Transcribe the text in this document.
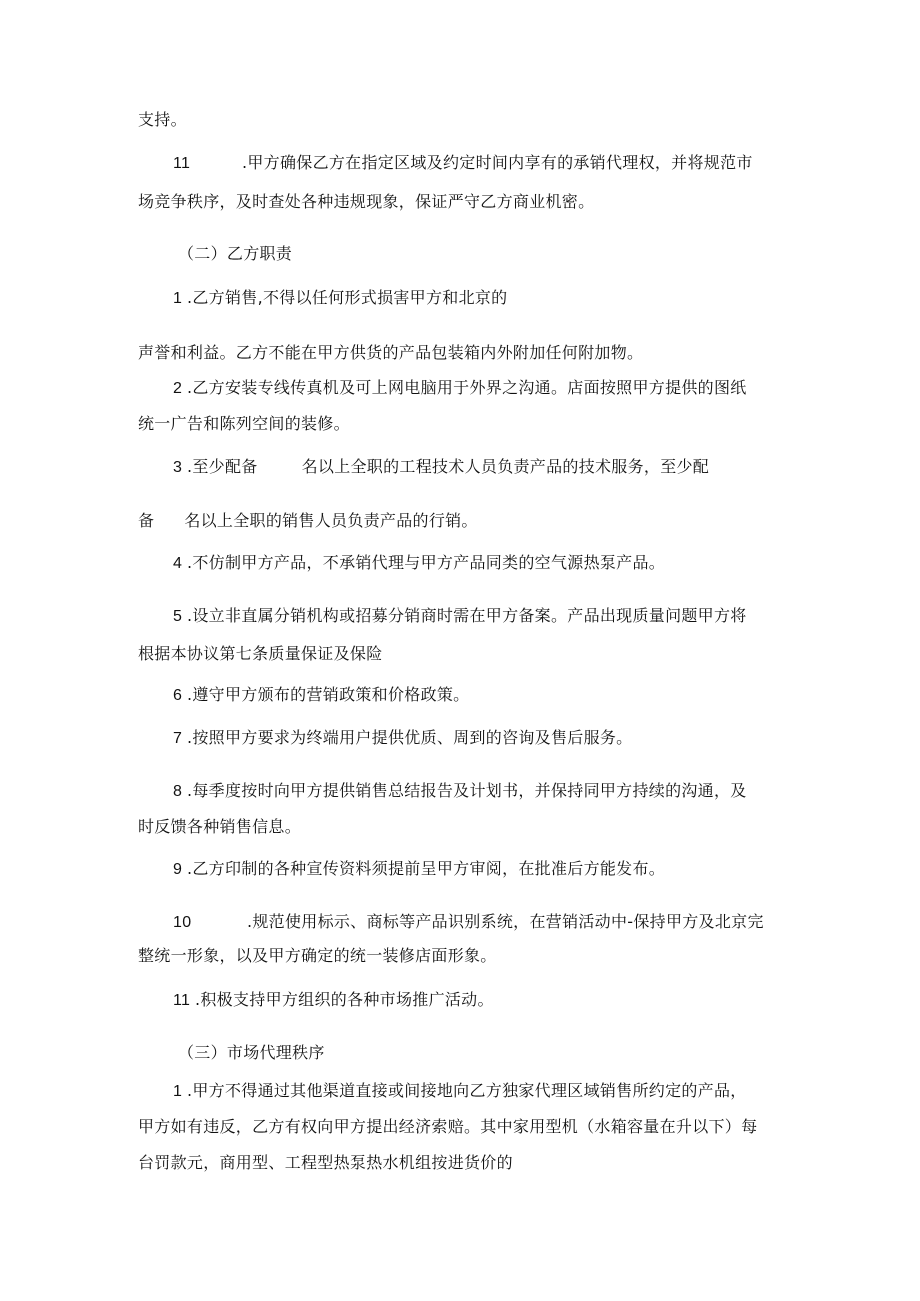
支持。
11	.甲方确保乙方在指定区域及约定时间内享有的承销代理权，并将规范市
场竞争秩序，及时查处各种违规现象，保证严守乙方商业机密。
（二）乙方职责
1 .乙方销售,不得以任何形式损害甲方和北京的
声誉和利益。乙方不能在甲方供货的产品包装箱内外附加任何附加物。
2 .乙方安装专线传真机及可上网电脑用于外界之沟通。店面按照甲方提供的图纸
统一广告和陈列空间的装修。
3 .至少配备	名以上全职的工程技术人员负责产品的技术服务，至少配
备 名以上全职的销售人员负责产品的行销。
4 .不仿制甲方产品，不承销代理与甲方产品同类的空气源热泵产品。
5 .设立非直属分销机构或招募分销商时需在甲方备案。产品出现质量问题甲方将
根据本协议第七条质量保证及保险
6 .遵守甲方颁布的营销政策和价格政策。
7 .按照甲方要求为终端用户提供优质、周到的咨询及售后服务。
8 .每季度按时向甲方提供销售总结报告及计划书，并保持同甲方持续的沟通，及
时反馈各种销售信息。
9 .乙方印制的各种宣传资料须提前呈甲方审阅，在批准后方能发布。
10	.规范使用标示、商标等产品识别系统，在营销活动中-保持甲方及北京完
整统一形象，以及甲方确定的统一装修店面形象。
11 .积极支持甲方组织的各种市场推广活动。
（三）市场代理秩序
1 .甲方不得通过其他渠道直接或间接地向乙方独家代理区域销售所约定的产品，
甲方如有违反，乙方有权向甲方提出经济索赔。其中家用型机（水箱容量在升以下）每
台罚款元，商用型、工程型热泵热水机组按进货价的
